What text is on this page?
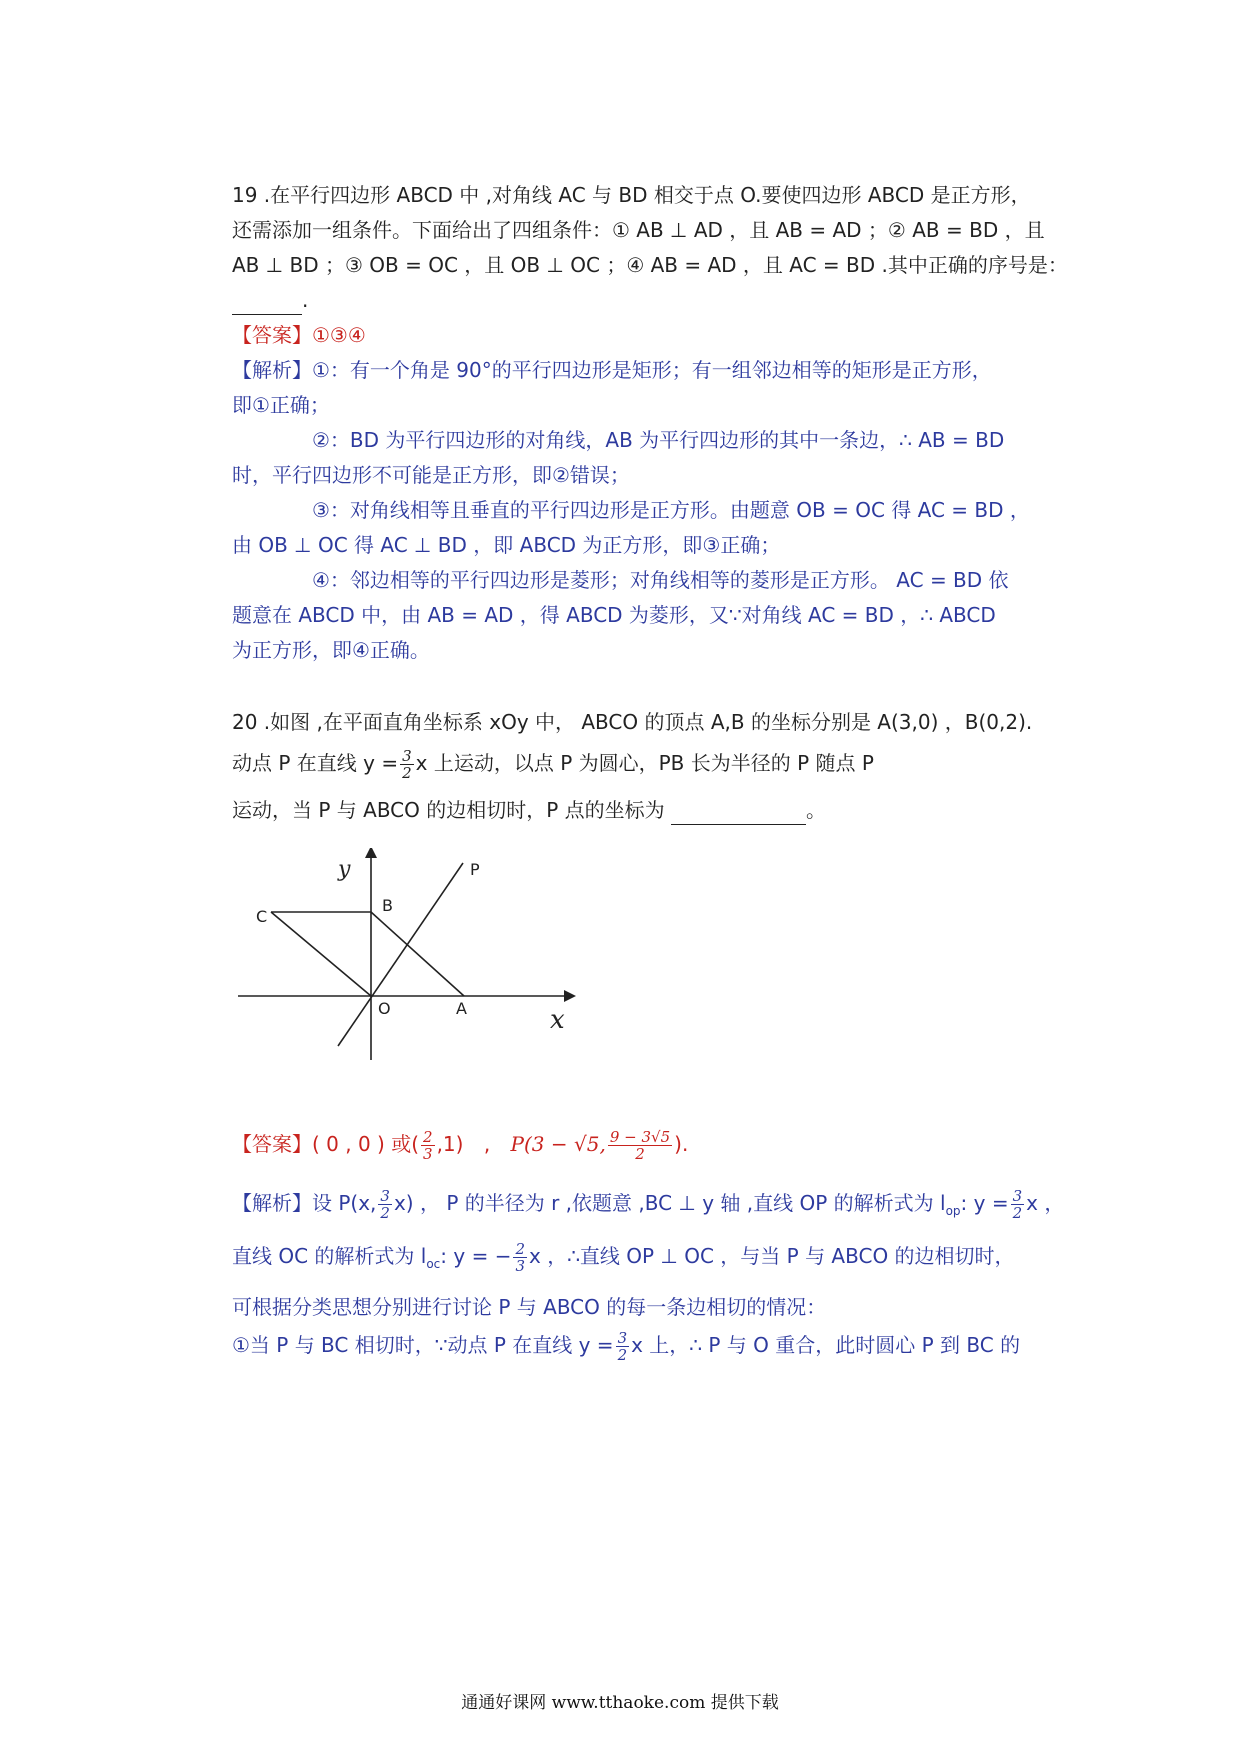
19 .在平行四边形 ABCD 中 ,对角线 AC 与 BD 相交于点 O.要使四边形 ABCD 是正方形，
还需添加一组条件。下面给出了四组条件：① AB ⊥ AD ，且 AB = AD ；② AB = BD ，且
AB ⊥ BD ；③ OB = OC ，且 OB ⊥ OC ；④ AB = AD ，且 AC = BD .其中正确的序号是：
.
【答案】①③④
【解析】①：有一个角是 90°的平行四边形是矩形；有一组邻边相等的矩形是正方形，
即①正确；
②：BD 为平行四边形的对角线，AB 为平行四边形的其中一条边，∴ AB = BD
时，平行四边形不可能是正方形，即②错误；
③：对角线相等且垂直的平行四边形是正方形。由题意 OB = OC 得 AC = BD ，
由 OB ⊥ OC 得 AC ⊥ BD ，即 ABCD 为正方形，即③正确；
④：邻边相等的平行四边形是菱形；对角线相等的菱形是正方形。 AC = BD 依
题意在 ABCD 中，由 AB = AD ，得 ABCD 为菱形，又∵对角线 AC = BD ，∴ ABCD
为正方形，即④正确。
20 .如图 ,在平面直角坐标系 xOy 中， ABCO 的顶点 A,B 的坐标分别是 A(3,0) ，B(0,2).
动点 P 在直线 $y = \frac{3}{2}$ x 上运动，以点 P 为圆心，PB 长为半径的 P 随点 P
运动，当 P 与 ABCO 的边相切时，P 点的坐标为	。
y
x
P
B
C
O	A
【答案】( 0 , 0 ) 或( $\frac{2}{3} ,1$) , P(3 − √5, $\frac{9 - 3√5}{2}$ ).
【解析】设 P(x, $\frac{3}{2} x$) ， P 的半径为 r ,依题意 ,BC ⊥ y 轴 ,直线 OP 的解析式为 $l_{op}$: $y = \frac{3}{2}$ x ，
直线 OC 的解析式为 $l_{oc}$: y = − $\frac{2}{3}$ x ，∴直线 OP ⊥ OC ，与当 P 与 ABCO 的边相切时，
可根据分类思想分别进行讨论 P 与 ABCO 的每一条边相切的情况：
①当 P 与 BC 相切时，∵动点 P 在直线 $y = \frac{3}{2}$ x 上，∴ P 与 O 重合，此时圆心 P 到 BC 的
通通好课网 www.tthaoke.com 提供下载
